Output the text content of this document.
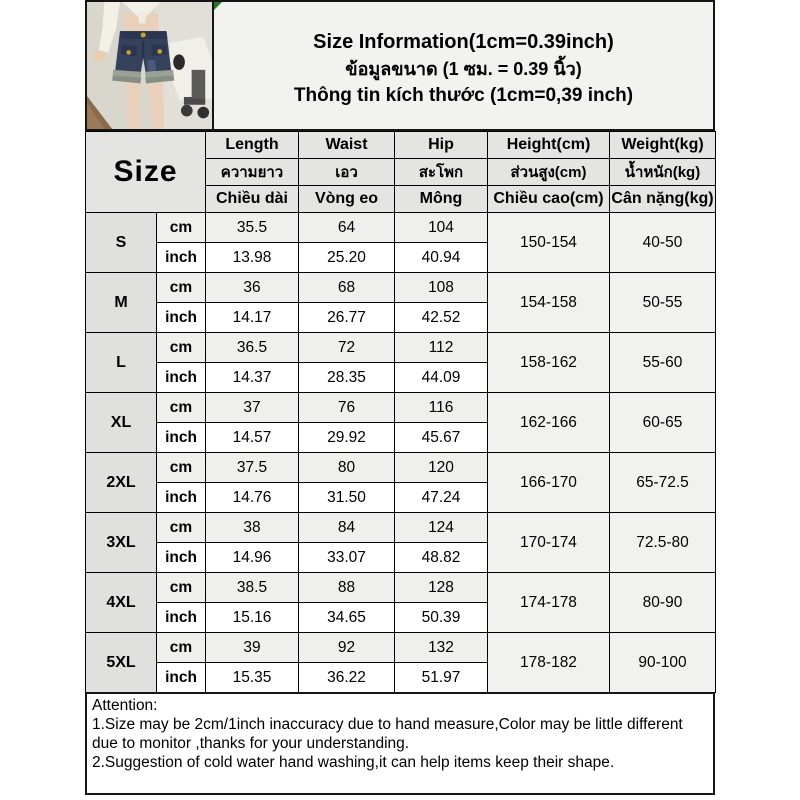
Size Information(1cm=0.39inch)
ข้อมูลขนาด (1 ซม. = 0.39 นิ้ว)
Thông tin kích thước (1cm=0,39 inch)
Size		Length	Waist	Hip	Height(cm)	Weight(kg)
		ความยาว	เอว	สะโพก	ส่วนสูง(cm)	น้ำหนัก(kg)
		Chiều dài	Vòng eo	Mông	Chiều cao(cm)	Cân nặng(kg)
S	cm	35.5	64	104	150-154	40-50
	inch	13.98	25.20	40.94		
M	cm	36	68	108	154-158	50-55
	inch	14.17	26.77	42.52		
L	cm	36.5	72	112	158-162	55-60
	inch	14.37	28.35	44.09		
XL	cm	37	76	116	162-166	60-65
	inch	14.57	29.92	45.67		
2XL	cm	37.5	80	120	166-170	65-72.5
	inch	14.76	31.50	47.24		
3XL	cm	38	84	124	170-174	72.5-80
	inch	14.96	33.07	48.82		
4XL	cm	38.5	88	128	174-178	80-90
	inch	15.16	34.65	50.39		
5XL	cm	39	92	132	178-182	90-100
	inch	15.35	36.22	51.97		

Attention:

1.Size may be 2cm/1inch inaccuracy due to hand measure,Color may be little different due to monitor ,thanks for your understanding.

2.Suggestion of cold water hand washing,it can help items keep their shape.
